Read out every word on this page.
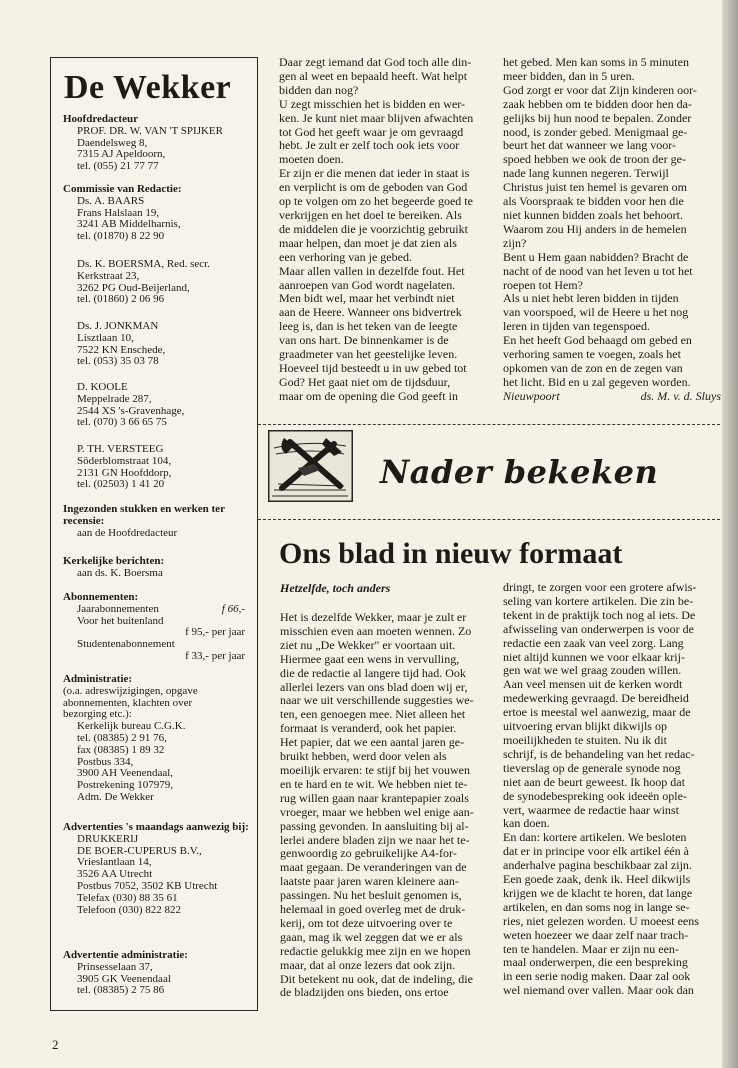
De Wekker
Hoofdredacteur
PROF. DR. W. VAN 'T SPIJKER
Daendelsweg 8,
7315 AJ Apeldoorn,
tel. (055) 21 77 77
Commissie van Redactie:
Ds. A. BAARS
Frans Halslaan 19,
3241 AB Middelharnis,
tel. (01870) 8 22 90
Ds. K. BOERSMA, Red. secr.
Kerkstraat 23,
3262 PG Oud-Beijerland,
tel. (01860) 2 06 96
Ds. J. JONKMAN
Lisztlaan 10,
7522 KN Enschede,
tel. (053) 35 03 78
D. KOOLE
Meppelrade 287,
2544 XS 's-Gravenhage,
tel. (070) 3 66 65 75
P. TH. VERSTEEG
Söderblomstraat 104,
2131 GN Hoofddorp,
tel. (02503) 1 41 20
Ingezonden stukken en werken ter recensie:
aan de Hoofdredacteur
Kerkelijke berichten:
aan ds. K. Boersma
Abonnementen:
Jaarabonnementen	f 66,-
Voor het buitenland
f 95,- per jaar
Studentenabonnement
f 33,- per jaar
Administratie:
(o.a. adreswijzigingen, opgave
abonnementen, klachten over
bezorging etc.):
Kerkelijk bureau C.G.K.
tel. (08385) 2 91 76,
fax (08385) 1 89 32
Postbus 334,
3900 AH Veenendaal,
Postrekening 107979,
Adm. De Wekker
Advertenties 's maandags aanwezig bij:
DRUKKERIJ
DE BOER-CUPERUS B.V.,
Vrieslantlaan 14,
3526 AA Utrecht
Postbus 7052, 3502 KB Utrecht
Telefax (030) 88 35 61
Telefoon (030) 822 822
Advertentie administratie:
Prinsesselaan 37,
3905 GK Veenendaal
tel. (08385) 2 75 86
Daar zegt iemand dat God toch alle din-
gen al weet en bepaald heeft. Wat helpt
bidden dan nog?
U zegt misschien het is bidden en wer-
ken. Je kunt niet maar blijven afwachten
tot God het geeft waar je om gevraagd
hebt. Je zult er zelf toch ook iets voor
moeten doen.
Er zijn er die menen dat ieder in staat is
en verplicht is om de geboden van God
op te volgen om zo het begeerde goed te
verkrijgen en het doel te bereiken. Als
de middelen die je voorzichtig gebruikt
maar helpen, dan moet je dat zien als
een verhoring van je gebed.
Maar allen vallen in dezelfde fout. Het
aanroepen van God wordt nagelaten.
Men bidt wel, maar het verbindt niet
aan de Heere. Wanneer ons bidvertrek
leeg is, dan is het teken van de leegte
van ons hart. De binnenkamer is de
graadmeter van het geestelijke leven.
Hoeveel tijd besteedt u in uw gebed tot
God? Het gaat niet om de tijdsduur,
maar om de opening die God geeft in
het gebed. Men kan soms in 5 minuten
meer bidden, dan in 5 uren.
God zorgt er voor dat Zijn kinderen oor-
zaak hebben om te bidden door hen da-
gelijks bij hun nood te bepalen. Zonder
nood, is zonder gebed. Menigmaal ge-
beurt het dat wanneer we lang voor-
spoed hebben we ook de troon der ge-
nade lang kunnen negeren. Terwijl
Christus juist ten hemel is gevaren om
als Voorspraak te bidden voor hen die
niet kunnen bidden zoals het behoort.
Waarom zou Hij anders in de hemelen
zijn?
Bent u Hem gaan nabidden? Bracht de
nacht of de nood van het leven u tot het
roepen tot Hem?
Als u niet hebt leren bidden in tijden
van voorspoed, wil de Heere u het nog
leren in tijden van tegenspoed.
En het heeft God behaagd om gebed en
verhoring samen te voegen, zoals het
opkomen van de zon en de zegen van
het licht. Bid en u zal gegeven worden.
Nieuwpoort	ds. M. v. d. Sluys
Nader bekeken
Ons blad in nieuw formaat
Hetzelfde, toch anders
Het is dezelfde Wekker, maar je zult er
misschien even aan moeten wennen. Zo
ziet nu „De Wekker" er voortaan uit.
Hiermee gaat een wens in vervulling,
die de redactie al langere tijd had. Ook
allerlei lezers van ons blad doen wij er,
naar we uit verschillende suggesties we-
ten, een genoegen mee. Niet alleen het
formaat is veranderd, ook het papier.
Het papier, dat we een aantal jaren ge-
bruikt hebben, werd door velen als
moeilijk ervaren: te stijf bij het vouwen
en te hard en te wit. We hebben niet te-
rug willen gaan naar krantepapier zoals
vroeger, maar we hebben wel enige aan-
passing gevonden. In aansluiting bij al-
lerlei andere bladen zijn we naar het te-
genwoordig zo gebruikelijke A4-for-
maat gegaan. De veranderingen van de
laatste paar jaren waren kleinere aan-
passingen. Nu het besluit genomen is,
helemaal in goed overleg met de druk-
kerij, om tot deze uitvoering over te
gaan, mag ik wel zeggen dat we er als
redactie gelukkig mee zijn en we hopen
maar, dat al onze lezers dat ook zijn.
Dit betekent nu ook, dat de indeling, die
de bladzijden ons bieden, ons ertoe
dringt, te zorgen voor een grotere afwis-
seling van kortere artikelen. Die zin be-
tekent in de praktijk toch nog al iets. De
afwisseling van onderwerpen is voor de
redactie een zaak van veel zorg. Lang
niet altijd kunnen we voor elkaar krij-
gen wat we wel graag zouden willen.
Aan veel mensen uit de kerken wordt
medewerking gevraagd. De bereidheid
ertoe is meestal wel aanwezig, maar de
uitvoering ervan blijkt dikwijls op
moeilijkheden te stuiten. Nu ik dit
schrijf, is de behandeling van het redac-
tieverslag op de generale synode nog
niet aan de beurt geweest. Ik hoop dat
de synodebespreking ook ideeën ople-
vert, waarmee de redactie haar winst
kan doen.
En dan: kortere artikelen. We besloten
dat er in principe voor elk artikel één à
anderhalve pagina beschikbaar zal zijn.
Een goede zaak, denk ik. Heel dikwijls
krijgen we de klacht te horen, dat lange
artikelen, en dan soms nog in lange se-
ries, niet gelezen worden. U moeest eens
weten hoezeer we daar zelf naar trach-
ten te handelen. Maar er zijn nu een-
maal onderwerpen, die een bespreking
in een serie nodig maken. Daar zal ook
wel niemand over vallen. Maar ook dan
2
